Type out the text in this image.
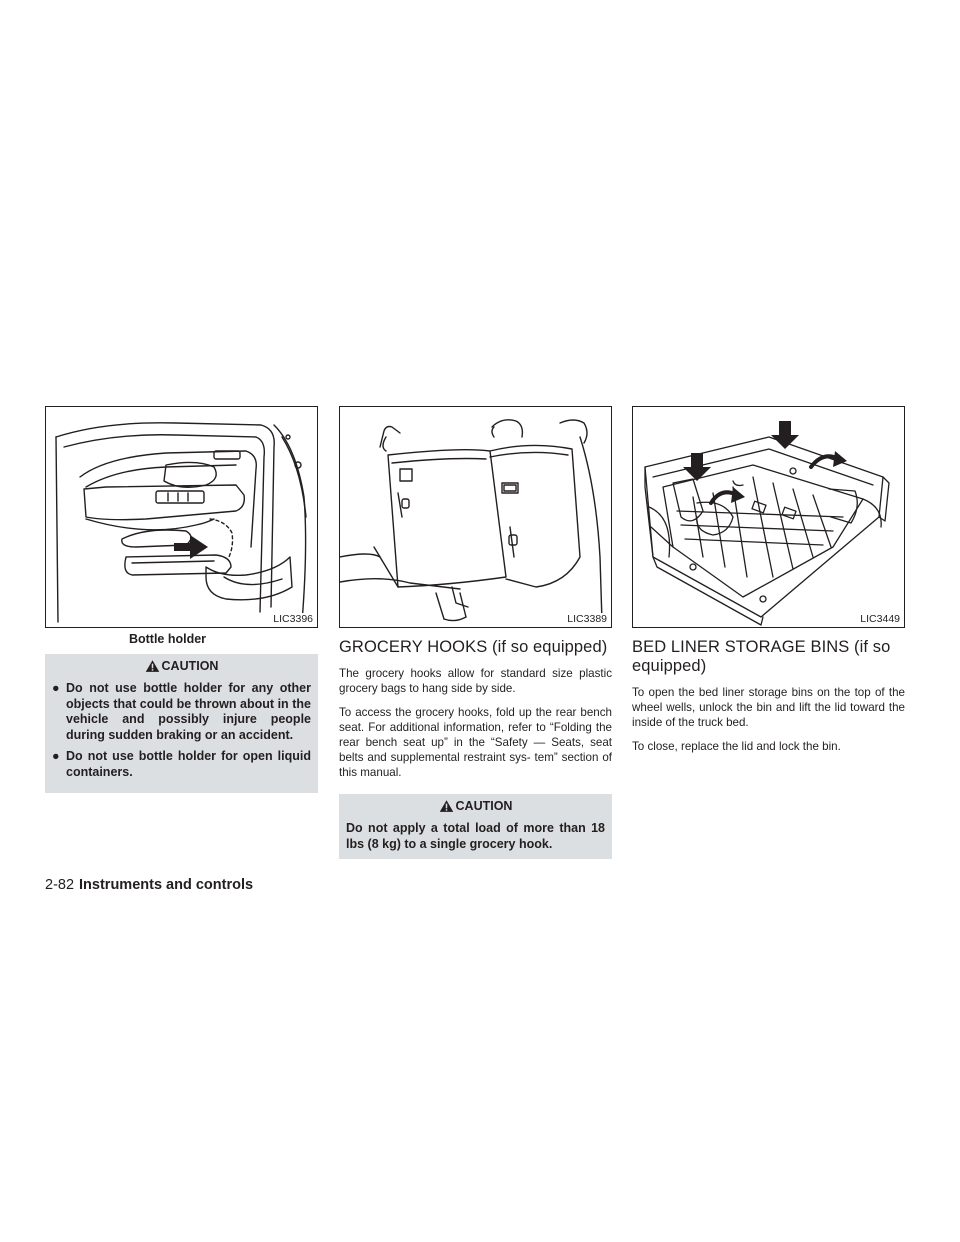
LIC3396
Bottle holder
CAUTION
● Do not use bottle holder for any other objects that could be thrown about in the vehicle and possibly injure people during sudden braking or an accident.
● Do not use bottle holder for open liquid containers.
LIC3389
GROCERY HOOKS (if so equipped)

The grocery hooks allow for standard size plastic grocery bags to hang side by side.

To access the grocery hooks, fold up the rear bench seat. For additional information, refer to “Folding the rear bench seat up” in the “Safety — Seats, seat belts and supplemental restraint sys- tem” section of this manual.

CAUTION

Do not apply a total load of more than 18 lbs (8 kg) to a single grocery hook.

LIC3449
BED LINER STORAGE BINS (if so equipped)

To open the bed liner storage bins on the top of the wheel wells, unlock the bin and lift the lid toward the inside of the truck bed.

To close, replace the lid and lock the bin.

2-82 Instruments and controls
